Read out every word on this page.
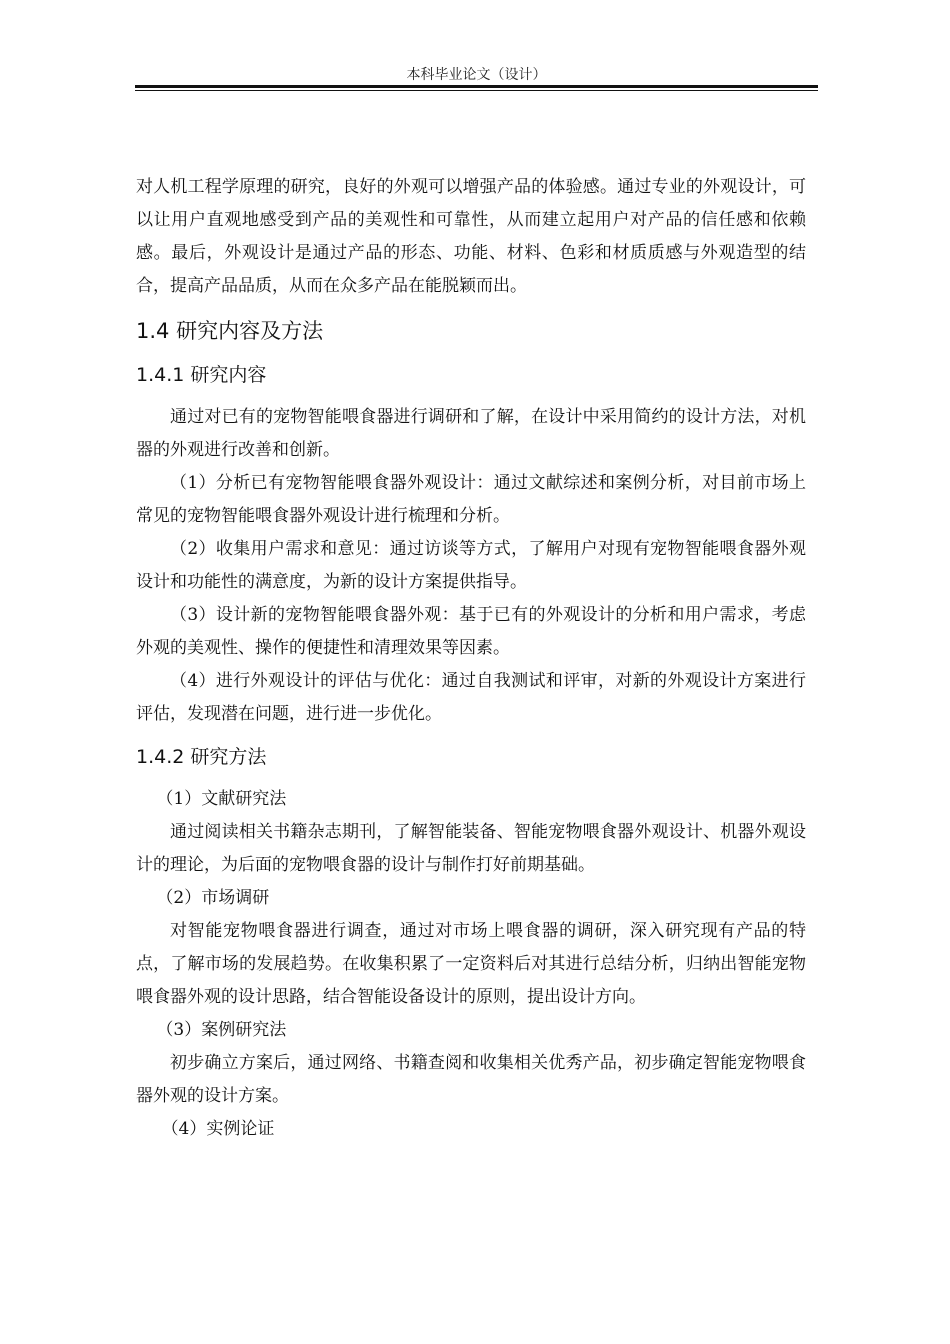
本科毕业论文（设计）

对人机工程学原理的研究，良好的外观可以增强产品的体验感。通过专业的外观设计，可以让用户直观地感受到产品的美观性和可靠性，从而建立起用户对产品的信任感和依赖感。最后，外观设计是通过产品的形态、功能、材料、色彩和材质质感与外观造型的结合，提高产品品质，从而在众多产品在能脱颖而出。

1.4 研究内容及方法
1.4.1 研究内容

通过对已有的宠物智能喂食器进行调研和了解，在设计中采用简约的设计方法，对机器的外观进行改善和创新。

（1）分析已有宠物智能喂食器外观设计：通过文献综述和案例分析，对目前市场上常见的宠物智能喂食器外观设计进行梳理和分析。

（2）收集用户需求和意见：通过访谈等方式，了解用户对现有宠物智能喂食器外观设计和功能性的满意度，为新的设计方案提供指导。

（3）设计新的宠物智能喂食器外观：基于已有的外观设计的分析和用户需求，考虑外观的美观性、操作的便捷性和清理效果等因素。

（4）进行外观设计的评估与优化：通过自我测试和评审，对新的外观设计方案进行评估，发现潜在问题，进行进一步优化。

1.4.2 研究方法

（1）文献研究法

通过阅读相关书籍杂志期刊，了解智能装备、智能宠物喂食器外观设计、机器外观设计的理论，为后面的宠物喂食器的设计与制作打好前期基础。

（2）市场调研

对智能宠物喂食器进行调查，通过对市场上喂食器的调研，深入研究现有产品的特点，了解市场的发展趋势。在收集积累了一定资料后对其进行总结分析，归纳出智能宠物喂食器外观的设计思路，结合智能设备设计的原则，提出设计方向。

（3）案例研究法

初步确立方案后，通过网络、书籍查阅和收集相关优秀产品，初步确定智能宠物喂食器外观的设计方案。

（4）实例论证
